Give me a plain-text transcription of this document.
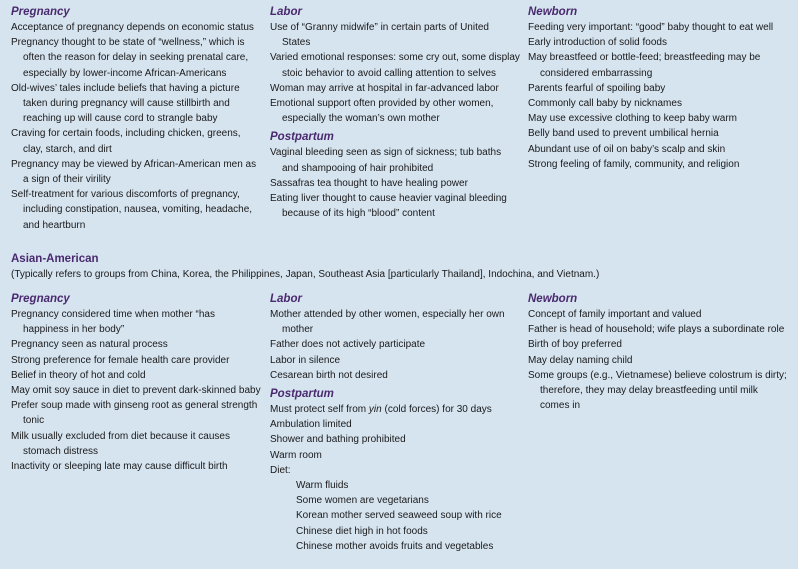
Pregnancy
Acceptance of pregnancy depends on economic status
Pregnancy thought to be state of “wellness,” which is often the reason for delay in seeking prenatal care, especially by lower-income African-Americans
Old-wives’ tales include beliefs that having a picture taken during pregnancy will cause stillbirth and reaching up will cause cord to strangle baby
Craving for certain foods, including chicken, greens, clay, starch, and dirt
Pregnancy may be viewed by African-American men as a sign of their virility
Self-treatment for various discomforts of pregnancy, including constipation, nausea, vomiting, headache, and heartburn
Labor
Use of “Granny midwife” in certain parts of United States
Varied emotional responses: some cry out, some display stoic behavior to avoid calling attention to selves
Woman may arrive at hospital in far-advanced labor
Emotional support often provided by other women, especially the woman’s own mother
Postpartum
Vaginal bleeding seen as sign of sickness; tub baths and shampooing of hair prohibited
Sassafras tea thought to have healing power
Eating liver thought to cause heavier vaginal bleeding because of its high “blood” content
Newborn
Feeding very important: “good” baby thought to eat well
Early introduction of solid foods
May breastfeed or bottle-feed; breastfeeding may be considered embarrassing
Parents fearful of spoiling baby
Commonly call baby by nicknames
May use excessive clothing to keep baby warm
Belly band used to prevent umbilical hernia
Abundant use of oil on baby’s scalp and skin
Strong feeling of family, community, and religion
Asian-American
(Typically refers to groups from China, Korea, the Philippines, Japan, Southeast Asia [particularly Thailand], Indochina, and Vietnam.)
Pregnancy
Pregnancy considered time when mother “has happiness in her body”
Pregnancy seen as natural process
Strong preference for female health care provider
Belief in theory of hot and cold
May omit soy sauce in diet to prevent dark-skinned baby
Prefer soup made with ginseng root as general strength tonic
Milk usually excluded from diet because it causes stomach distress
Inactivity or sleeping late may cause difficult birth
Labor
Mother attended by other women, especially her own mother
Father does not actively participate
Labor in silence
Cesarean birth not desired
Postpartum
Must protect self from yin (cold forces) for 30 days
Ambulation limited
Shower and bathing prohibited
Warm room
Diet:
Warm fluids
Some women are vegetarians
Korean mother served seaweed soup with rice
Chinese diet high in hot foods
Chinese mother avoids fruits and vegetables
Newborn
Concept of family important and valued
Father is head of household; wife plays a subordinate role
Birth of boy preferred
May delay naming child
Some groups (e.g., Vietnamese) believe colostrum is dirty; therefore, they may delay breastfeeding until milk comes in
